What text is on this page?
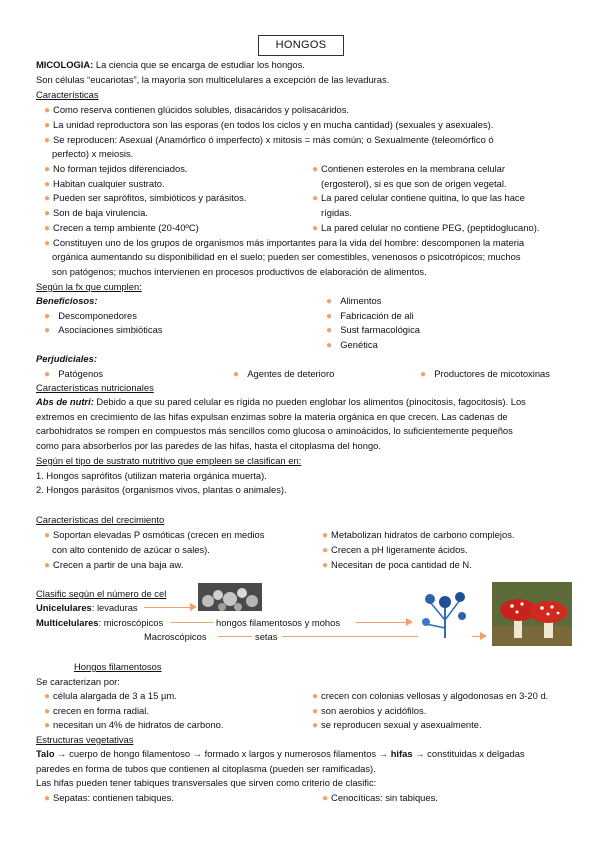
HONGOS
MICOLOGIA: La ciencia que se encarga de estudiar los hongos.
Son células “eucariotas”, la mayoría son multicelulares a excepción de las levaduras.
Características
● Como reserva contienen glúcidos solubles, disacáridos y polisacáridos.
● La unidad reproductora son las esporas (en todos los ciclos y en mucha cantidad) (sexuales y asexuales).
● Se reproducen: Asexual (Anamórfico ó imperfecto) x mitosis = más común; o Sexualmente (teleomórfico ó
perfecto) x meiosis.
● No forman tejidos diferenciados.
● Habitan cualquier sustrato.
● Pueden ser saprófitos, simbióticos y parásitos.
● Son de baja virulencia.
● Crecen a temp ambiente (20-40ºC)
● Contienen esteroles en la membrana celular
(ergosterol), si es que son de origen vegetal.
● La pared celular contiene quitina, lo que las hace
rígidas.
● La pared celular no contiene PEG, (peptidoglucano).
● Constituyen uno de los grupos de organismos más importantes para la vida del hombre: descomponen la materia
orgánica aumentando su disponibilidad en el suelo; pueden ser comestibles, venenosos o psicotrópicos; muchos
son patógenos; muchos intervienen en procesos productivos de elaboración de alimentos.
Según la fx que cumplen:
Beneficiosos:
● Descomponedores
● Asociaciones simbióticas
● Alimentos
● Fabricación de ali
● Sust farmacológica
● Genética
Perjudiciales:
● Patógenos	● Agentes de deterioro	● Productores de micotoxinas
Características nutricionales
Abs de nutri: Debido a que su pared celular es rígida no pueden englobar los alimentos (pinocitosis, fagocitosis). Los
extremos en crecimiento de las hifas expulsan enzimas sobre la materia orgánica en que crecen. Las cadenas de
carbohidratos se rompen en compuestos más sencillos como glucosa o aminoácidos, lo suficientemente pequeños
como para absorberlos por las paredes de las hifas, hasta el citoplasma del hongo.
Según el tipo de sustrato nutritivo que empleen se clasifican en:
1. Hongos saprófitos (utilizan materia orgánica muerta).
2. Hongos parásitos (organismos vivos, plantas o animales).
Características del crecimiento
● Soportan elevadas P osmóticas (crecen en medios
con alto contenido de azúcar o sales).
● Crecen a partir de una baja aw.
● Metabolizan hidratos de carbono complejos.
● Crecen a pH ligeramente ácidos.
● Necesitan de poca cantidad de N.
Clasific según el número de cel
Unicelulares: levaduras
Multicelulares: microscópicos	hongos filamentosos y mohos
Macroscópicos	setas
Hongos filamentosos
Se caracterizan por:
● célula alargada de 3 a 15 µm.
● crecen en forma radial.
● necesitan un 4% de hidratos de carbono.
● crecen con colonias vellosas y algodonosas en 3-20 d.
● son aerobios y acidófilos.
● se reproducen sexual y asexualmente.
Estructuras vegetativas
Talo → cuerpo de hongo filamentoso → formado x largos y numerosos filamentos → hifas → constituidas x delgadas
paredes en forma de tubos que contienen al citoplasma (pueden ser ramificadas).
Las hifas pueden tener tabiques transversales que sirven como criterio de clasific:
● Sepatas: contienen tabiques.	● Cenocíticas: sin tabiques.
